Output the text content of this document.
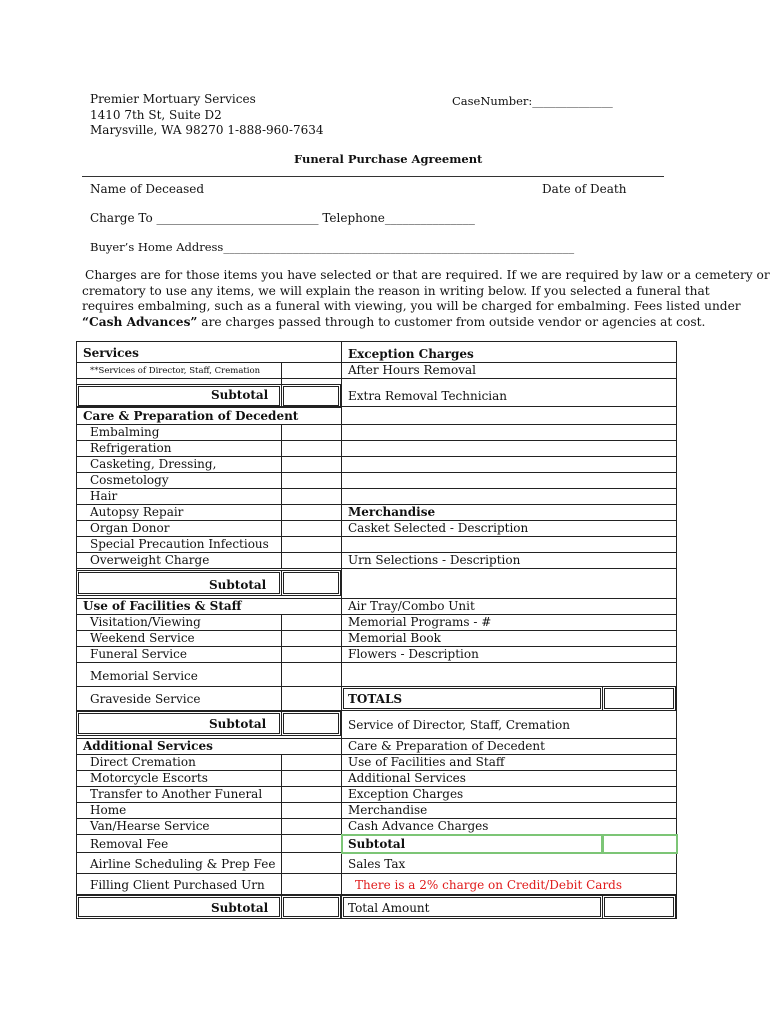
Premier Mortuary Services
1410 7th St, Suite D2
Marysville, WA 98270 1-888-960-7634
CaseNumber:______________
Funeral Purchase Agreement
Name of Deceased	Date of Death
Charge To ___________________________ Telephone_______________
Buyer’s Home Address_____________________________________________________________
Charges are for those items you have selected or that are required. If we are required by law or a cemetery or
crematory to use any items, we will explain the reason in writing below. If you selected a funeral that
requires embalming, such as a funeral with viewing, you will be charged for embalming. Fees listed under
“Cash Advances” are charges passed through to customer from outside vendor or agencies at cost.
Services
**Services of Director, Staff, Cremation
Subtotal
Care & Preparation of Decedent
Embalming
Refrigeration
Casketing, Dressing,
Cosmetology
Hair
Autopsy Repair
Organ Donor
Special Precaution Infectious
Overweight Charge
Subtotal
Use of Facilities & Staff
Visitation/Viewing
Weekend Service
Funeral Service
Memorial Service
Graveside Service
Subtotal
Additional Services
Direct Cremation
Motorcycle Escorts
Transfer to Another Funeral
Home
Van/Hearse Service
Removal Fee
Airline Scheduling & Prep Fee
Filling Client Purchased Urn
Subtotal
Exception Charges
After Hours Removal
Extra Removal Technician
Merchandise
Casket Selected - Description
Urn Selections - Description
Air Tray/Combo Unit
Memorial Programs - #
Memorial Book
Flowers - Description
TOTALS
Service of Director, Staff, Cremation
Care & Preparation of Decedent
Use of Facilities and Staff
Additional Services
Exception Charges
Merchandise
Cash Advance Charges
Subtotal
Sales Tax
There is a 2% charge on Credit/Debit Cards
Total Amount
